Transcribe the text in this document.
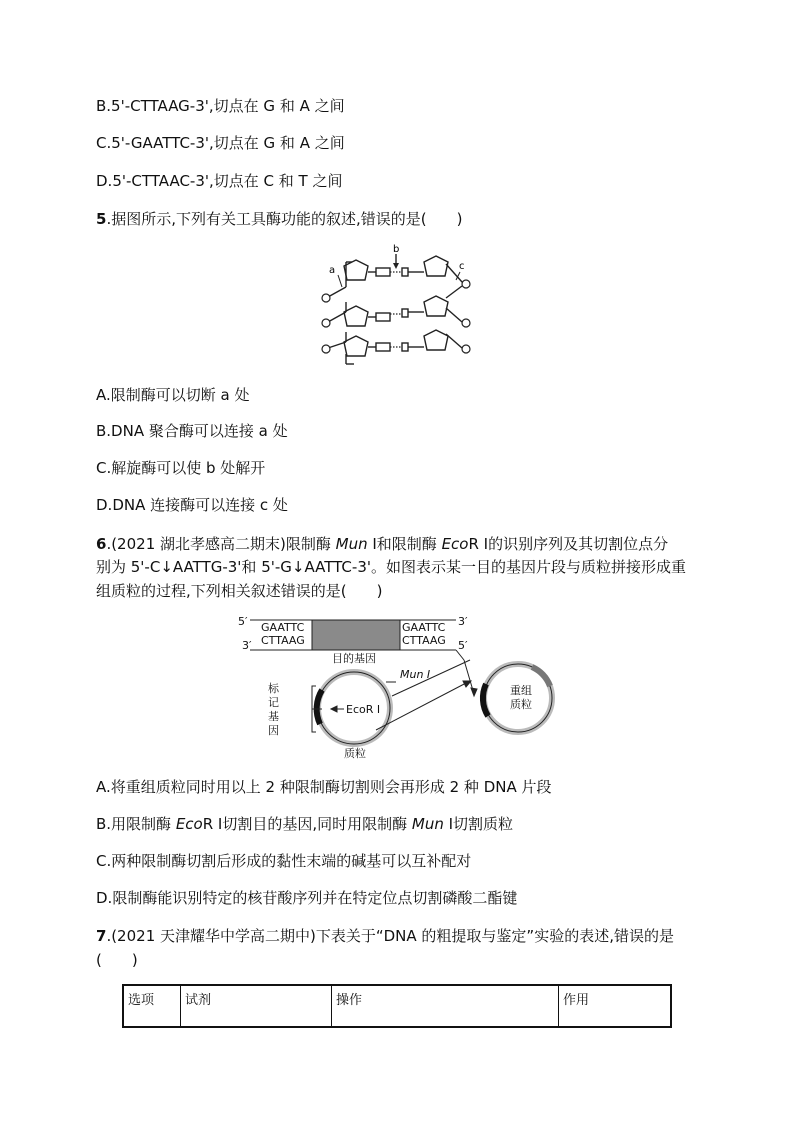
B.5'-CTTAAG-3',切点在 G 和 A 之间
C.5'-GAATTC-3',切点在 G 和 A 之间
D.5'-CTTAAC-3',切点在 C 和 T 之间
5.据图所示,下列有关工具酶功能的叙述,错误的是(　　)
a
b
c
A.限制酶可以切断 a 处
B.DNA 聚合酶可以连接 a 处
C.解旋酶可以使 b 处解开
D.DNA 连接酶可以连接 c 处
6.(2021 湖北孝感高二期末)限制酶 Mun Ⅰ和限制酶 EcoR Ⅰ的识别序列及其切割位点分
别为 5'-C↓AATTG-3'和 5'-G↓AATTC-3'。如图表示某一目的基因片段与质粒拼接形成重
组质粒的过程,下列相关叙述错误的是(　　)
5′	3′
3′	5′
GAATTC
CTTAAG
GAATTC
CTTAAG
目的基因
标
记
基
因
质粒
Mun Ⅰ
EcoR Ⅰ
重组
质粒
A.将重组质粒同时用以上 2 种限制酶切割则会再形成 2 种 DNA 片段
B.用限制酶 EcoR Ⅰ切割目的基因,同时用限制酶 Mun Ⅰ切割质粒
C.两种限制酶切割后形成的黏性末端的碱基可以互补配对
D.限制酶能识别特定的核苷酸序列并在特定位点切割磷酸二酯键
7.(2021 天津耀华中学高二期中)下表关于“DNA 的粗提取与鉴定”实验的表述,错误的是
(　　)
选项	试剂	操作	作用
